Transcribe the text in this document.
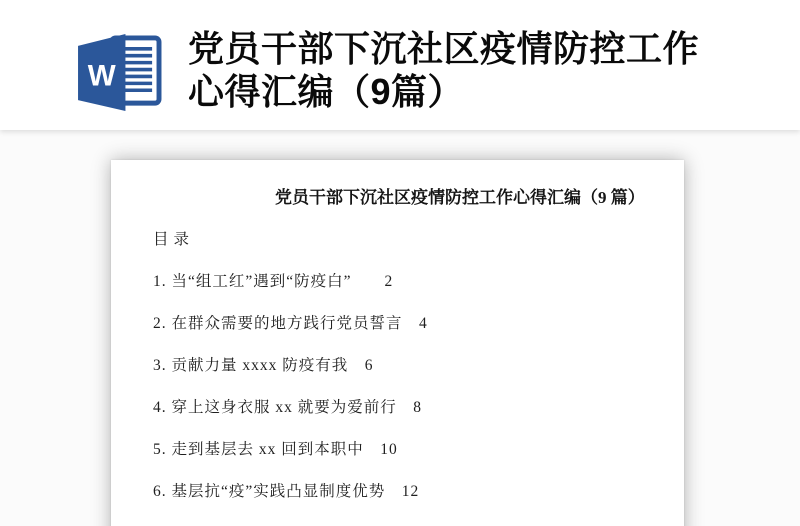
W
党员干部下沉社区疫情防控工作
心得汇编（9篇）
党员干部下沉社区疫情防控工作心得汇编（9 篇）
目录
1. 当“组工红”遇到“防疫白”　　2
2. 在群众需要的地方践行党员誓言　4
3. 贡献力量 xxxx 防疫有我　6
4. 穿上这身衣服 xx 就要为爱前行　8
5. 走到基层去 xx 回到本职中　10
6. 基层抗“疫”实践凸显制度优势　12
